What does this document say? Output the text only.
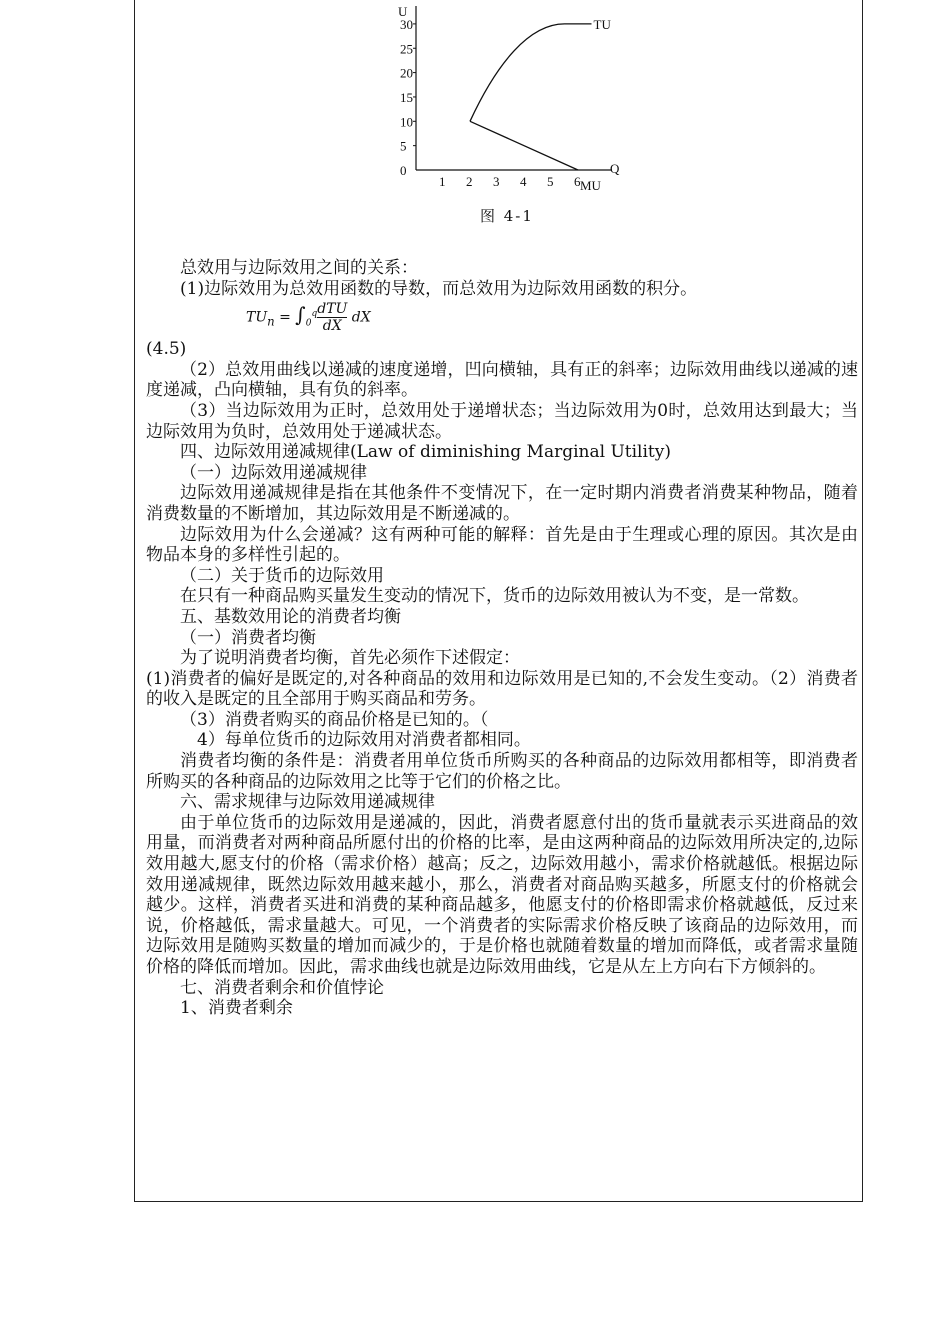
U
Q
30
25
20
15
10
5
0
1 2 3 4 5 6
TU
MU
图 4-1

总效用与边际效用之间的关系：

(1)边际效用为总效用函数的导数，而总效用为边际效用函数的积分。

$TU_n = \int_0^q \frac{\text{dTU}}{dX}$ dX

(4.5)

（2）总效用曲线以递减的速度递增，凹向横轴，具有正的斜率；边际效用曲线以递减的速度递减，凸向横轴，具有负的斜率。

（3）当边际效用为正时，总效用处于递增状态；当边际效用为0时，总效用达到最大；当边际效用为负时，总效用处于递减状态。

四、边际效用递减规律(Law of diminishing Marginal Utility)

（一）边际效用递减规律

边际效用递减规律是指在其他条件不变情况下，在一定时期内消费者消费某种物品，随着消费数量的不断增加，其边际效用是不断递减的。

边际效用为什么会递减？这有两种可能的解释：首先是由于生理或心理的原因。其次是由物品本身的多样性引起的。

（二）关于货币的边际效用

在只有一种商品购买量发生变动的情况下，货币的边际效用被认为不变，是一常数。

五、基数效用论的消费者均衡

（一）消费者均衡

为了说明消费者均衡，首先必须作下述假定：

(1)消费者的偏好是既定的,对各种商品的效用和边际效用是已知的,不会发生变动。（2）消费者的收入是既定的且全部用于购买商品和劳务。

（3）消费者购买的商品价格是已知的。（

4）每单位货币的边际效用对消费者都相同。

消费者均衡的条件是：消费者用单位货币所购买的各种商品的边际效用都相等，即消费者所购买的各种商品的边际效用之比等于它们的价格之比。

六、需求规律与边际效用递减规律

由于单位货币的边际效用是递减的，因此，消费者愿意付出的货币量就表示买进商品的效用量，而消费者对两种商品所愿付出的价格的比率，是由这两种商品的边际效用所决定的,边际效用越大,愿支付的价格（需求价格）越高；反之，边际效用越小，需求价格就越低。根据边际效用递减规律，既然边际效用越来越小，那么，消费者对商品购买越多，所愿支付的价格就会越少。这样，消费者买进和消费的某种商品越多，他愿支付的价格即需求价格就越低，反过来说，价格越低，需求量越大。可见，一个消费者的实际需求价格反映了该商品的边际效用，而边际效用是随购买数量的增加而减少的，于是价格也就随着数量的增加而降低，或者需求量随价格的降低而增加。因此，需求曲线也就是边际效用曲线，它是从左上方向右下方倾斜的。

七、消费者剩余和价值悖论

1、消费者剩余
